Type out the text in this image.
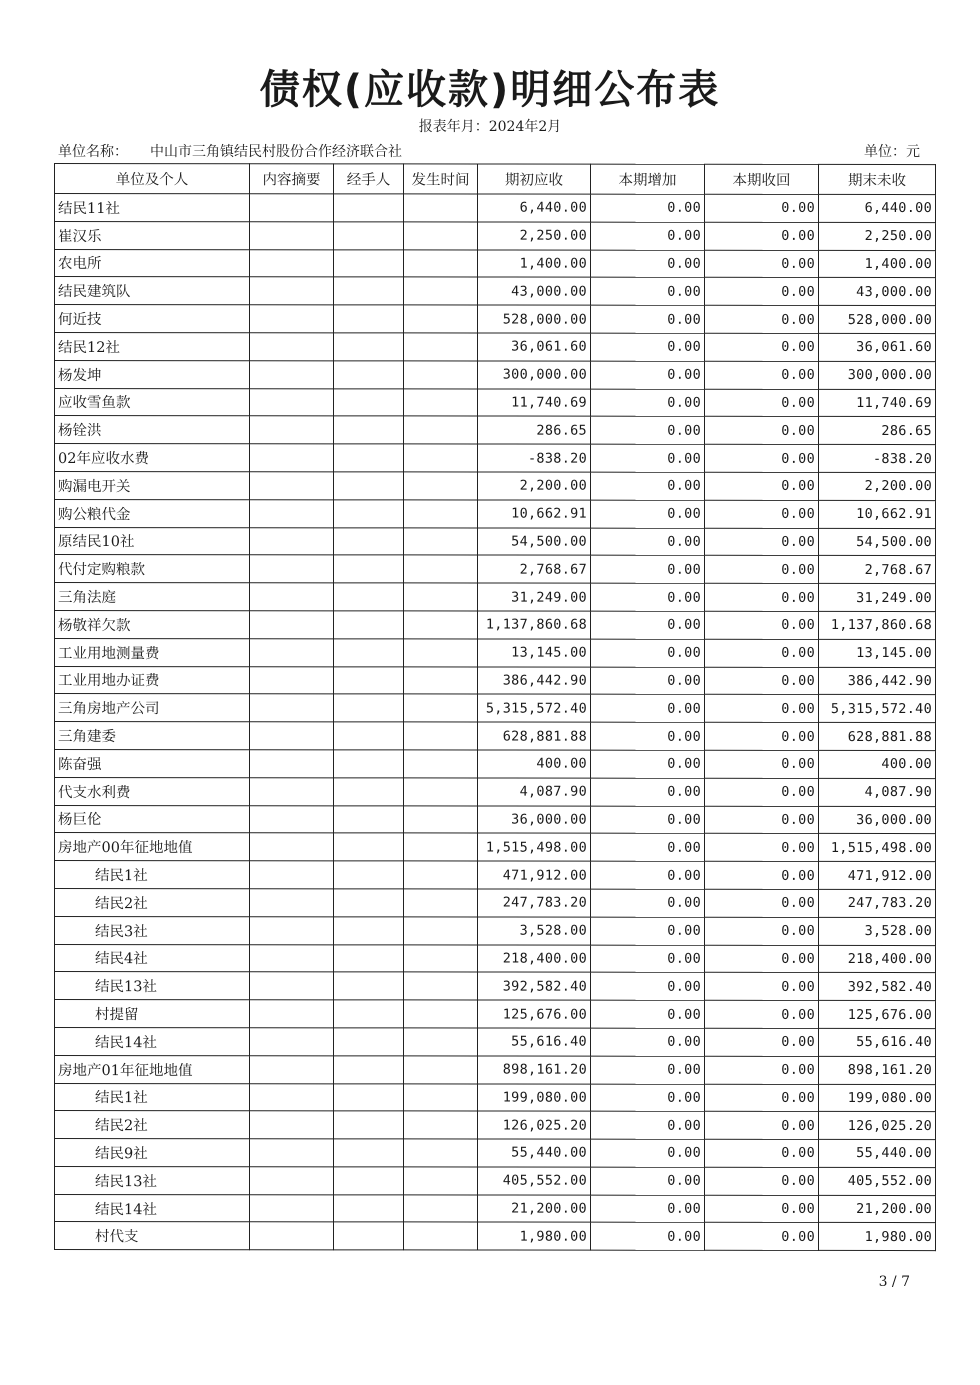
债权(应收款)明细公布表
报表年月：2024年2月
单位名称： 中山市三角镇结民村股份合作经济联合社	单位：元
单位及个人	内容摘要	经手人	发生时间	期初应收	本期增加	本期收回	期末未收
结民11社				6,440.00	0.00	0.00	6,440.00
崔汉乐				2,250.00	0.00	0.00	2,250.00
农电所				1,400.00	0.00	0.00	1,400.00
结民建筑队				43,000.00	0.00	0.00	43,000.00
何近技				528,000.00	0.00	0.00	528,000.00
结民12社				36,061.60	0.00	0.00	36,061.60
杨发坤				300,000.00	0.00	0.00	300,000.00
应收雪鱼款				11,740.69	0.00	0.00	11,740.69
杨铨洪				286.65	0.00	0.00	286.65
02年应收水费				-838.20	0.00	0.00	-838.20
购漏电开关				2,200.00	0.00	0.00	2,200.00
购公粮代金				10,662.91	0.00	0.00	10,662.91
原结民10社				54,500.00	0.00	0.00	54,500.00
代付定购粮款				2,768.67	0.00	0.00	2,768.67
三角法庭				31,249.00	0.00	0.00	31,249.00
杨敬祥欠款				1,137,860.68	0.00	0.00	1,137,860.68
工业用地测量费				13,145.00	0.00	0.00	13,145.00
工业用地办证费				386,442.90	0.00	0.00	386,442.90
三角房地产公司				5,315,572.40	0.00	0.00	5,315,572.40
三角建委				628,881.88	0.00	0.00	628,881.88
陈奋强				400.00	0.00	0.00	400.00
代支水利费				4,087.90	0.00	0.00	4,087.90
杨巨伦				36,000.00	0.00	0.00	36,000.00
房地产00年征地地值				1,515,498.00	0.00	0.00	1,515,498.00
结民1社				471,912.00	0.00	0.00	471,912.00
结民2社				247,783.20	0.00	0.00	247,783.20
结民3社				3,528.00	0.00	0.00	3,528.00
结民4社				218,400.00	0.00	0.00	218,400.00
结民13社				392,582.40	0.00	0.00	392,582.40
村提留				125,676.00	0.00	0.00	125,676.00
结民14社				55,616.40	0.00	0.00	55,616.40
房地产01年征地地值				898,161.20	0.00	0.00	898,161.20
结民1社				199,080.00	0.00	0.00	199,080.00
结民2社				126,025.20	0.00	0.00	126,025.20
结民9社				55,440.00	0.00	0.00	55,440.00
结民13社				405,552.00	0.00	0.00	405,552.00
结民14社				21,200.00	0.00	0.00	21,200.00
村代支				1,980.00	0.00	0.00	1,980.00
3 / 7
